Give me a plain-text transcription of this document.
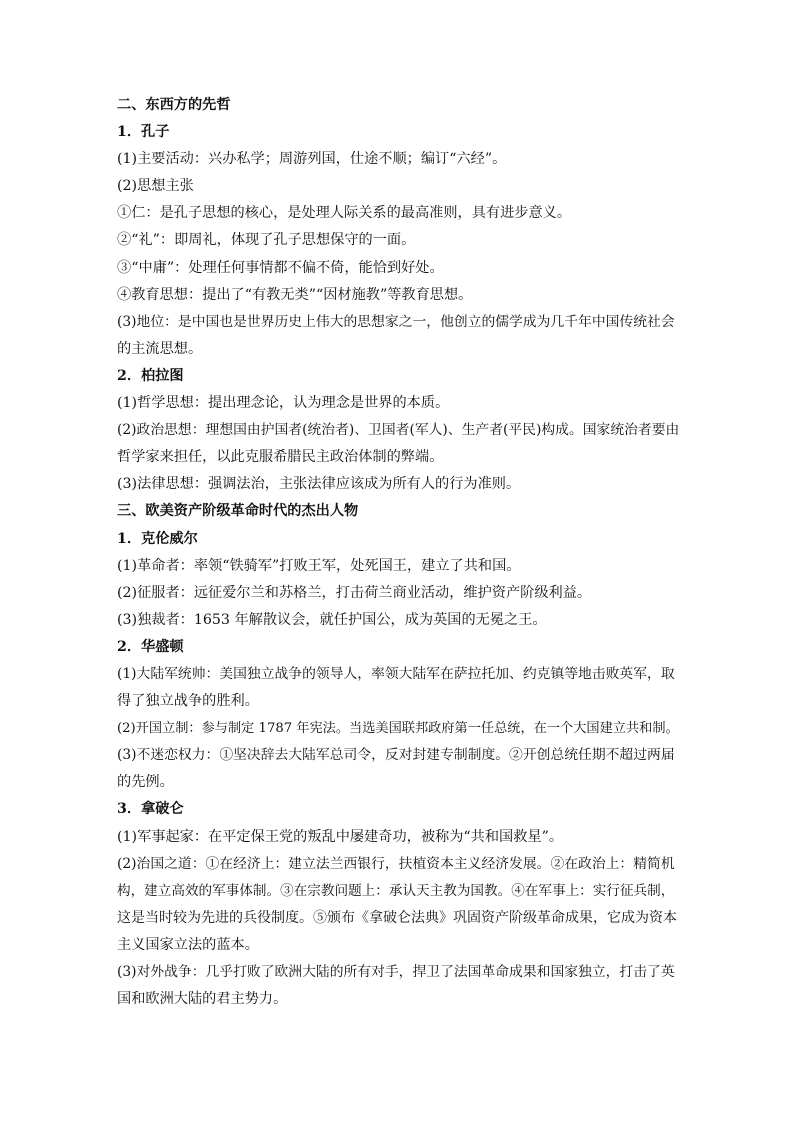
二、东西方的先哲

1．孔子

(1)主要活动：兴办私学；周游列国，仕途不顺；编订“六经”。

(2)思想主张

①仁：是孔子思想的核心，是处理人际关系的最高准则，具有进步意义。

②“礼”：即周礼，体现了孔子思想保守的一面。

③“中庸”：处理任何事情都不偏不倚，能恰到好处。

④教育思想：提出了“有教无类”“因材施教”等教育思想。

(3)地位：是中国也是世界历史上伟大的思想家之一，他创立的儒学成为几千年中国传统社会

的主流思想。

2．柏拉图

(1)哲学思想：提出理念论，认为理念是世界的本质。

(2)政治思想：理想国由护国者(统治者)、卫国者(军人)、生产者(平民)构成。国家统治者要由

哲学家来担任，以此克服希腊民主政治体制的弊端。

(3)法律思想：强调法治，主张法律应该成为所有人的行为准则。

三、欧美资产阶级革命时代的杰出人物

1．克伦威尔

(1)革命者：率领“铁骑军”打败王军，处死国王，建立了共和国。

(2)征服者：远征爱尔兰和苏格兰，打击荷兰商业活动，维护资产阶级利益。

(3)独裁者：1653 年解散议会，就任护国公，成为英国的无冕之王。

2．华盛顿

(1)大陆军统帅：美国独立战争的领导人，率领大陆军在萨拉托加、约克镇等地击败英军，取

得了独立战争的胜利。

(2)开国立制：参与制定 1787 年宪法。当选美国联邦政府第一任总统，在一个大国建立共和制。

(3)不迷恋权力：①坚决辞去大陆军总司令，反对封建专制制度。②开创总统任期不超过两届

的先例。

3．拿破仑

(1)军事起家：在平定保王党的叛乱中屡建奇功，被称为“共和国救星”。

(2)治国之道：①在经济上：建立法兰西银行，扶植资本主义经济发展。②在政治上：精简机

构，建立高效的军事体制。③在宗教问题上：承认天主教为国教。④在军事上：实行征兵制，

这是当时较为先进的兵役制度。⑤颁布《拿破仑法典》巩固资产阶级革命成果，它成为资本

主义国家立法的蓝本。

(3)对外战争：几乎打败了欧洲大陆的所有对手，捍卫了法国革命成果和国家独立，打击了英

国和欧洲大陆的君主势力。
